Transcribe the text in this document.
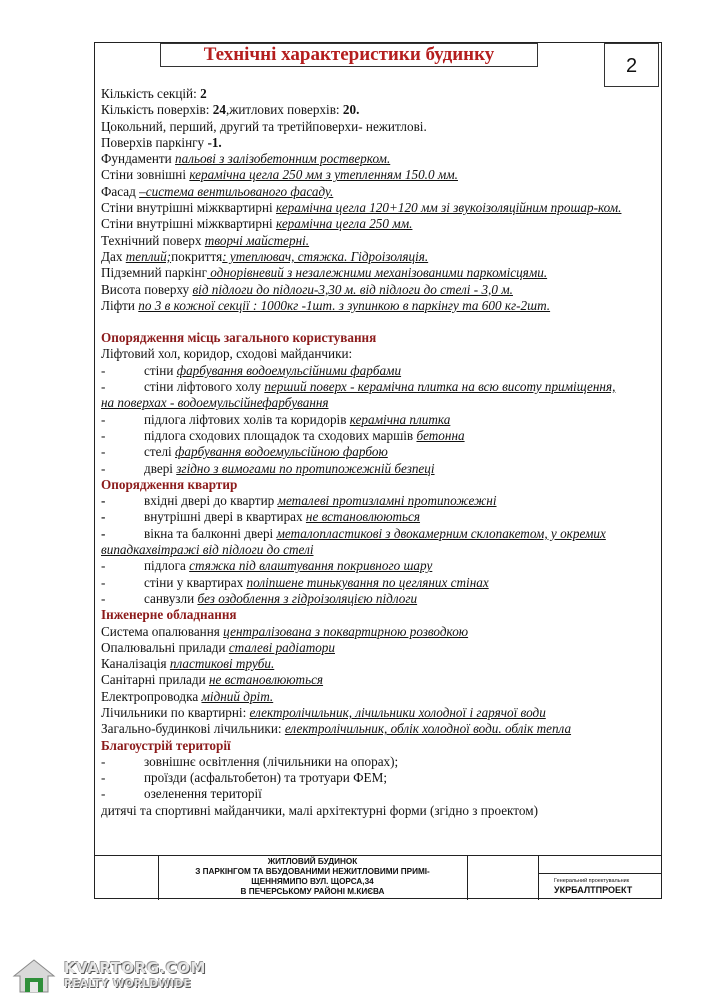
Технічні характеристики будинку
2
Кількість секцій: 2
Кількість поверхів: 24,житлових поверхів: 20.
Цокольний, перший, другий та третійповерхи- нежитлові.
Поверхів паркінгу -1.
Фундаменти пальові з залізобетонним ростверком.
Стіни зовнішні керамічна цегла 250 мм з утепленням 150.0 мм.
Фасад –система вентильованого фасаду.
Стіни внутрішні міжквартирні керамічна цегла 120+120 мм зі звукоізоляційним прошар-ком.
Стіни внутрішні міжквартирні керамічна цегла 250 мм.
Технічний поверх творчі майстерні.
Дах теплий;покриття: утеплювач, стяжка. Гідроізоляція.
Підземний паркінг однорівневий з незалежними механізованими паркомісцями.
Висота поверху від підлоги до підлоги-3,30 м. від підлоги до стелі - 3,0 м.
Ліфти по 3 в кожної секції : 1000кг -1шт. з зупинкою в паркінгу та 600 кг-2шт.
Опорядження місць загального користування
Ліфтовий хол, коридор, сходові майданчики:
-	стіни фарбування водоемульсійними фарбами
-	стіни ліфтового холу перший поверх - керамічна плитка на всю висоту приміщення,
на поверхах - водоемульсійнефарбування
-	підлога ліфтових холів та коридорів керамічна плитка
-	підлога сходових площадок та сходових маршів бетонна
-	стелі фарбування водоемульсійною фарбою
-	двері згідно з вимогами по протипожежній безпеці
Опорядження квартир
-	вхідні двері до квартир металеві протизламні протипожежні
-	внутрішні двері в квартирах не встановлюються
-	вікна та балконні двері металопластикові з двокамерним склопакетом, у окремих
випадкахвітражі від підлоги до стелі
-	підлога стяжка під влаштування покривного шару
-	стіни у квартирах поліпшене тинькування по цегляних стінах
-	санвузли без оздоблення з гідроізоляцією підлоги
Інженерне обладнання
Система опалювання централізована з поквартирною розводкою
Опалювальні прилади сталеві радіатори
Каналізація пластикові труби.
Санітарні прилади не встановлюються
Електропроводка мідний дріт.
Лічильники по квартирні: електролічильник, лічильники холодної і гарячої води
Загально-будинкові лічильники: електролічильник, облік холодної води. облік тепла
Благоустрій території
-	зовнішнє освітлення (лічильники на опорах);
-	проїзди (асфальтобетон) та тротуари ФЕМ;
-	озеленення території
дитячі та спортивні майданчики, малі архітектурні форми (згідно з проектом)
ЖИТЛОВИЙ БУДИНОК
З ПАРКІНГОМ ТА ВБУДОВАНИМИ НЕЖИТЛОВИМИ ПРИМІ-
ЩЕННЯМИПО ВУЛ. ЩОРСА,34
В ПЕЧЕРСЬКОМУ РАЙОНІ М.КИЄВА
Генеральний проектувальник
УКРБАЛТПРОЕКТ
KVARTORG.COM
REALTY WORLDWIDE
